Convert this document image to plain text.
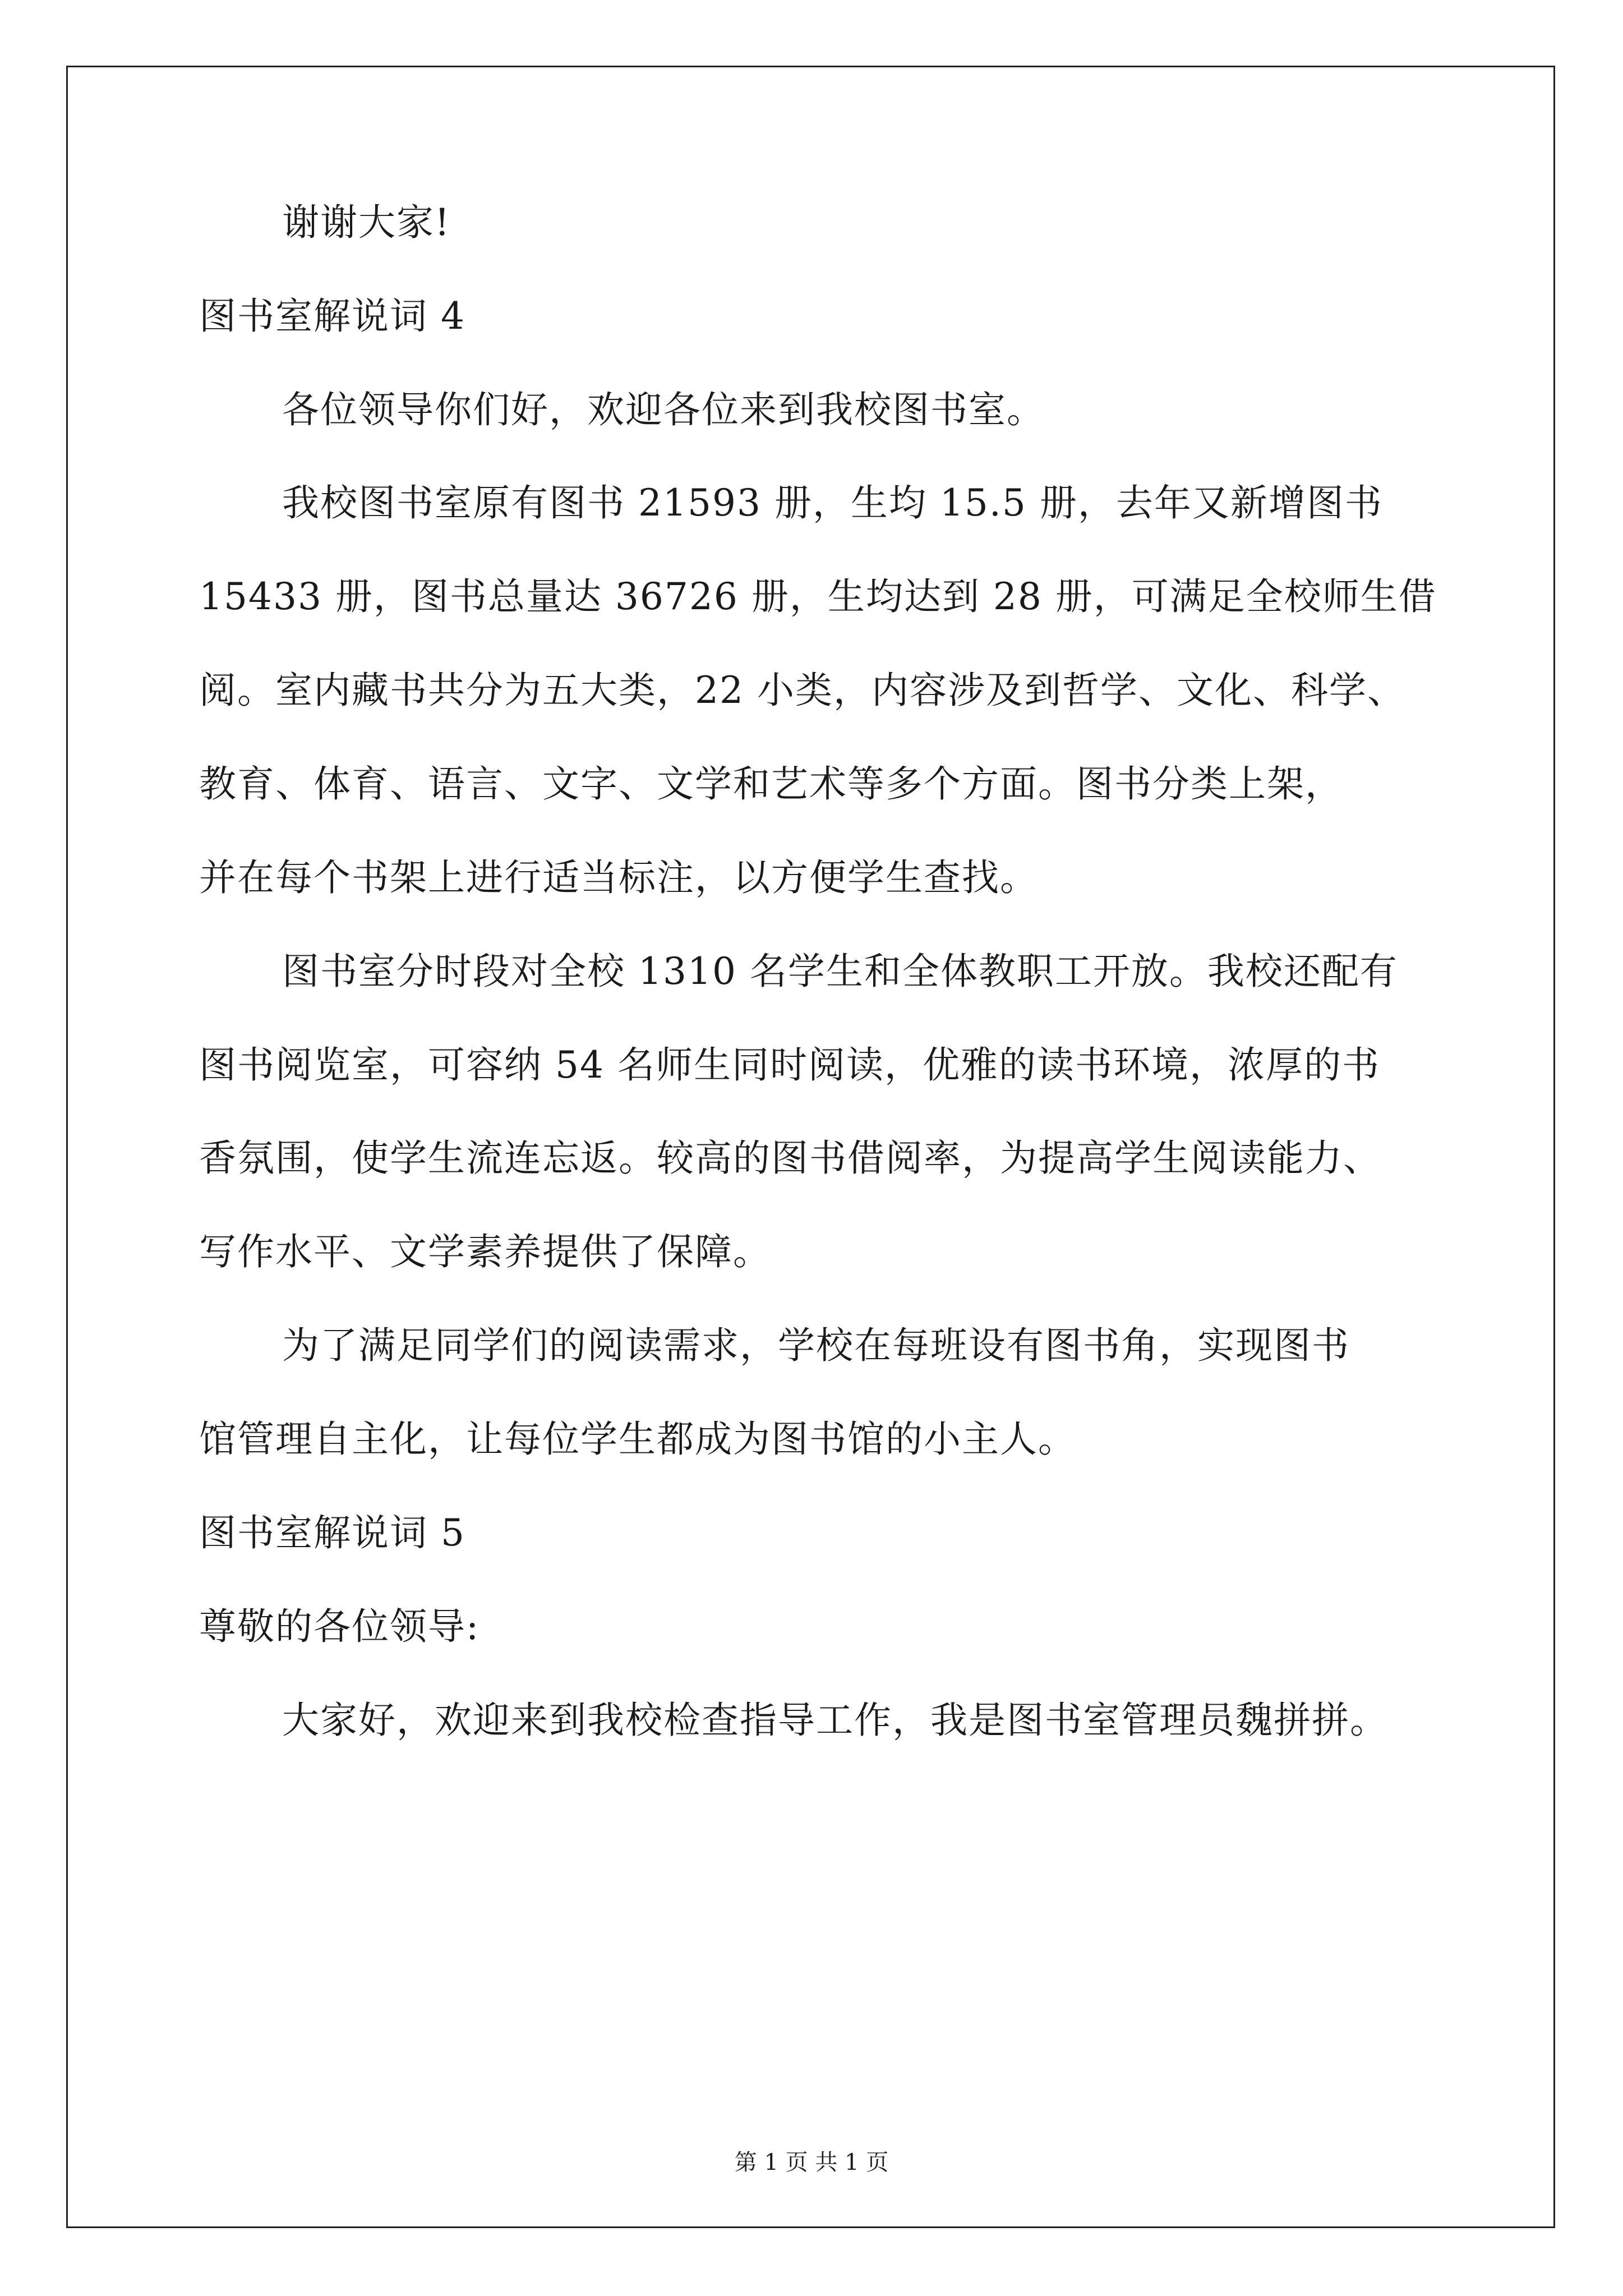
谢谢大家!
图书室解说词 4
各位领导你们好，欢迎各位来到我校图书室。
我校图书室原有图书 21593 册，生均 15.5 册，去年又新增图书
15433 册，图书总量达 36726 册，生均达到 28 册，可满足全校师生借
阅。室内藏书共分为五大类，22 小类，内容涉及到哲学、文化、科学、
教育、体育、语言、文字、文学和艺术等多个方面。图书分类上架，
并在每个书架上进行适当标注，以方便学生查找。
图书室分时段对全校 1310 名学生和全体教职工开放。我校还配有
图书阅览室，可容纳 54 名师生同时阅读，优雅的读书环境，浓厚的书
香氛围，使学生流连忘返。较高的图书借阅率，为提高学生阅读能力、
写作水平、文学素养提供了保障。
为了满足同学们的阅读需求，学校在每班设有图书角，实现图书
馆管理自主化，让每位学生都成为图书馆的小主人。
图书室解说词 5
尊敬的各位领导:
大家好，欢迎来到我校检查指导工作，我是图书室管理员魏拼拼。
第 1 页 共 1 页
